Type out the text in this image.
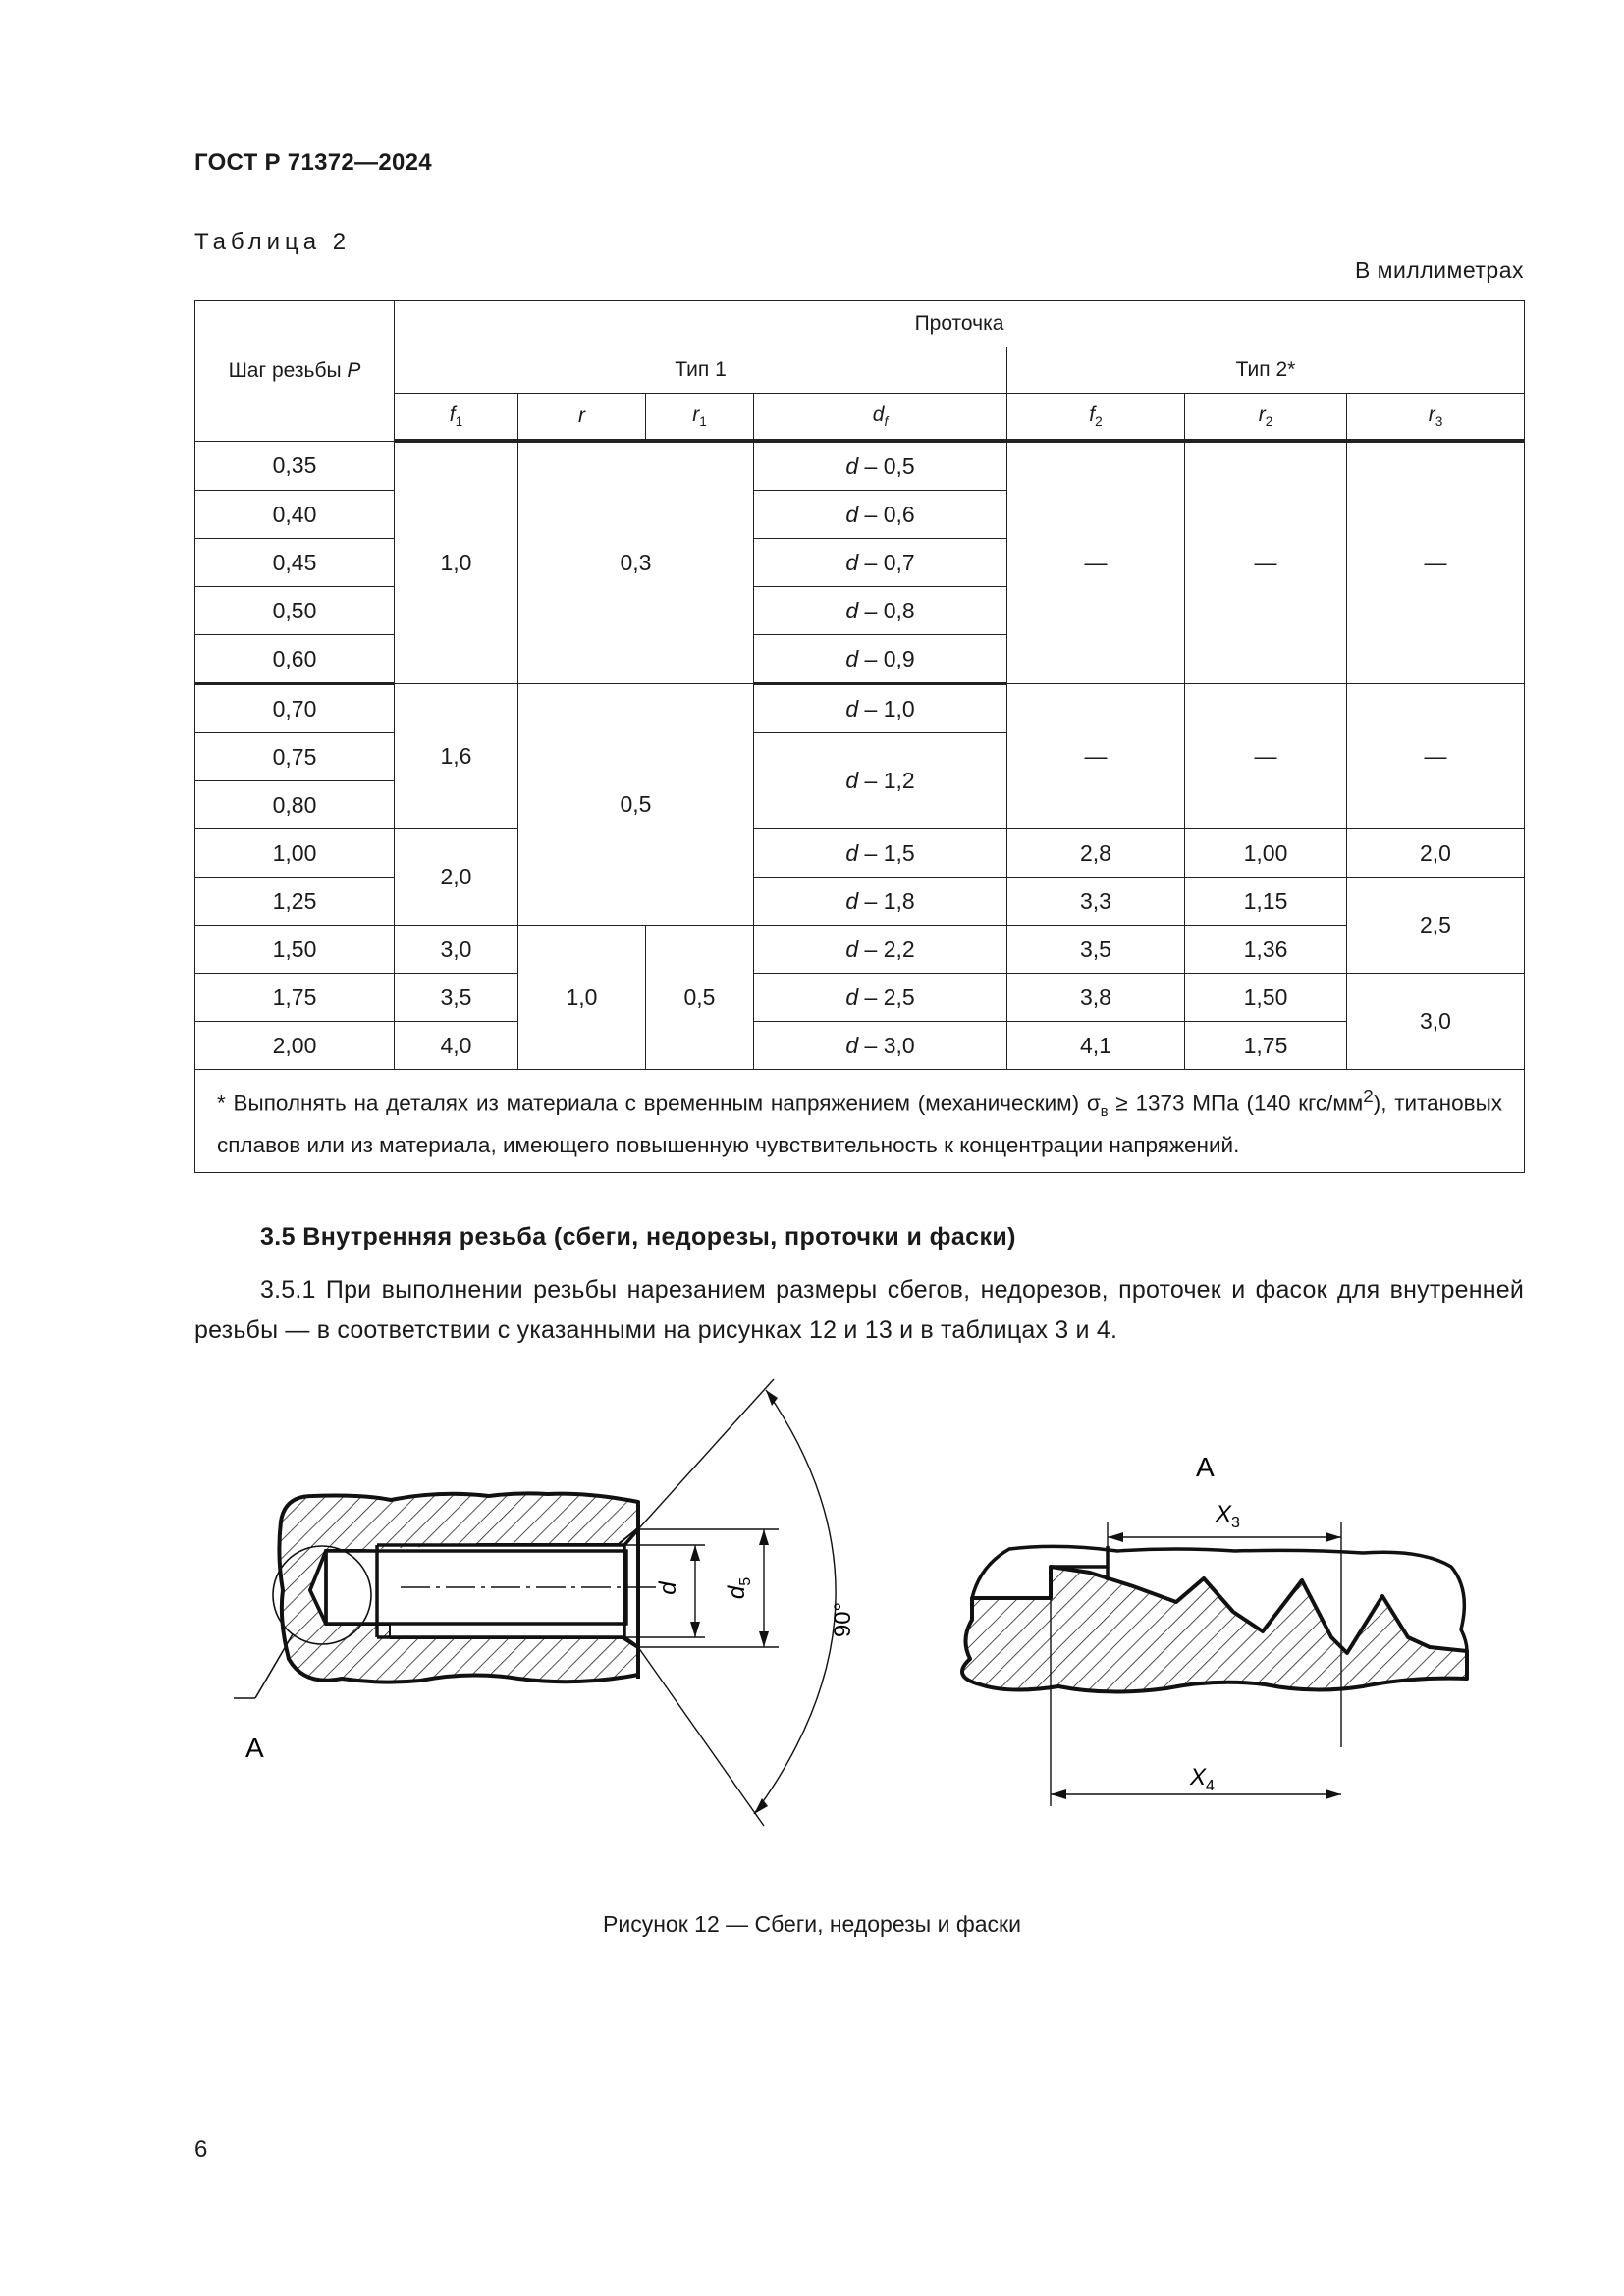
ГОСТ Р 71372—2024
Таблица 2
В миллиметрах
Шаг резьбы P	Проточка						
	Тип 1				Тип 2*		
	$f_1$	r	$r_1$	$d_f$	$f_2$	$r_2$	$r_3$
0,35	1,0	0,3		d – 0,5	—	—	—
0,40				d – 0,6			
0,45				d – 0,7			
0,50				d – 0,8			
0,60				d – 0,9			
0,70	1,6	0,5		d – 1,0	—	—	—
0,75				d – 1,2			
0,80							
1,00	2,0			d – 1,5	2,8	1,00	2,0
1,25				d – 1,8	3,3	1,15	2,5
1,50	3,0	1,0	0,5	d – 2,2	3,5	1,36	
1,75	3,5			d – 2,5	3,8	1,50	3,0
2,00	4,0			d – 3,0	4,1	1,75	
* Выполнять на деталях из материала с временным напряжением (механическим) $\sigma_в \ge 1373$ МПа (140 кгс/$мм^2$), титановых сплавов или из материала, имеющего повышенную чувствительность к концентрации напряжений.							
3.5 Внутренняя резьба (сбеги, недорезы, проточки и фаски)
3.5.1 При выполнении резьбы нарезанием размеры сбегов, недорезов, проточек и фасок для внутренней резьбы — в соответствии с указанными на рисунках 12 и 13 и в таблицах 3 и 4.
A
d $d_5$
90°
A
$X_3$
$X_4$
Рисунок 12 — Сбеги, недорезы и фаски
6
